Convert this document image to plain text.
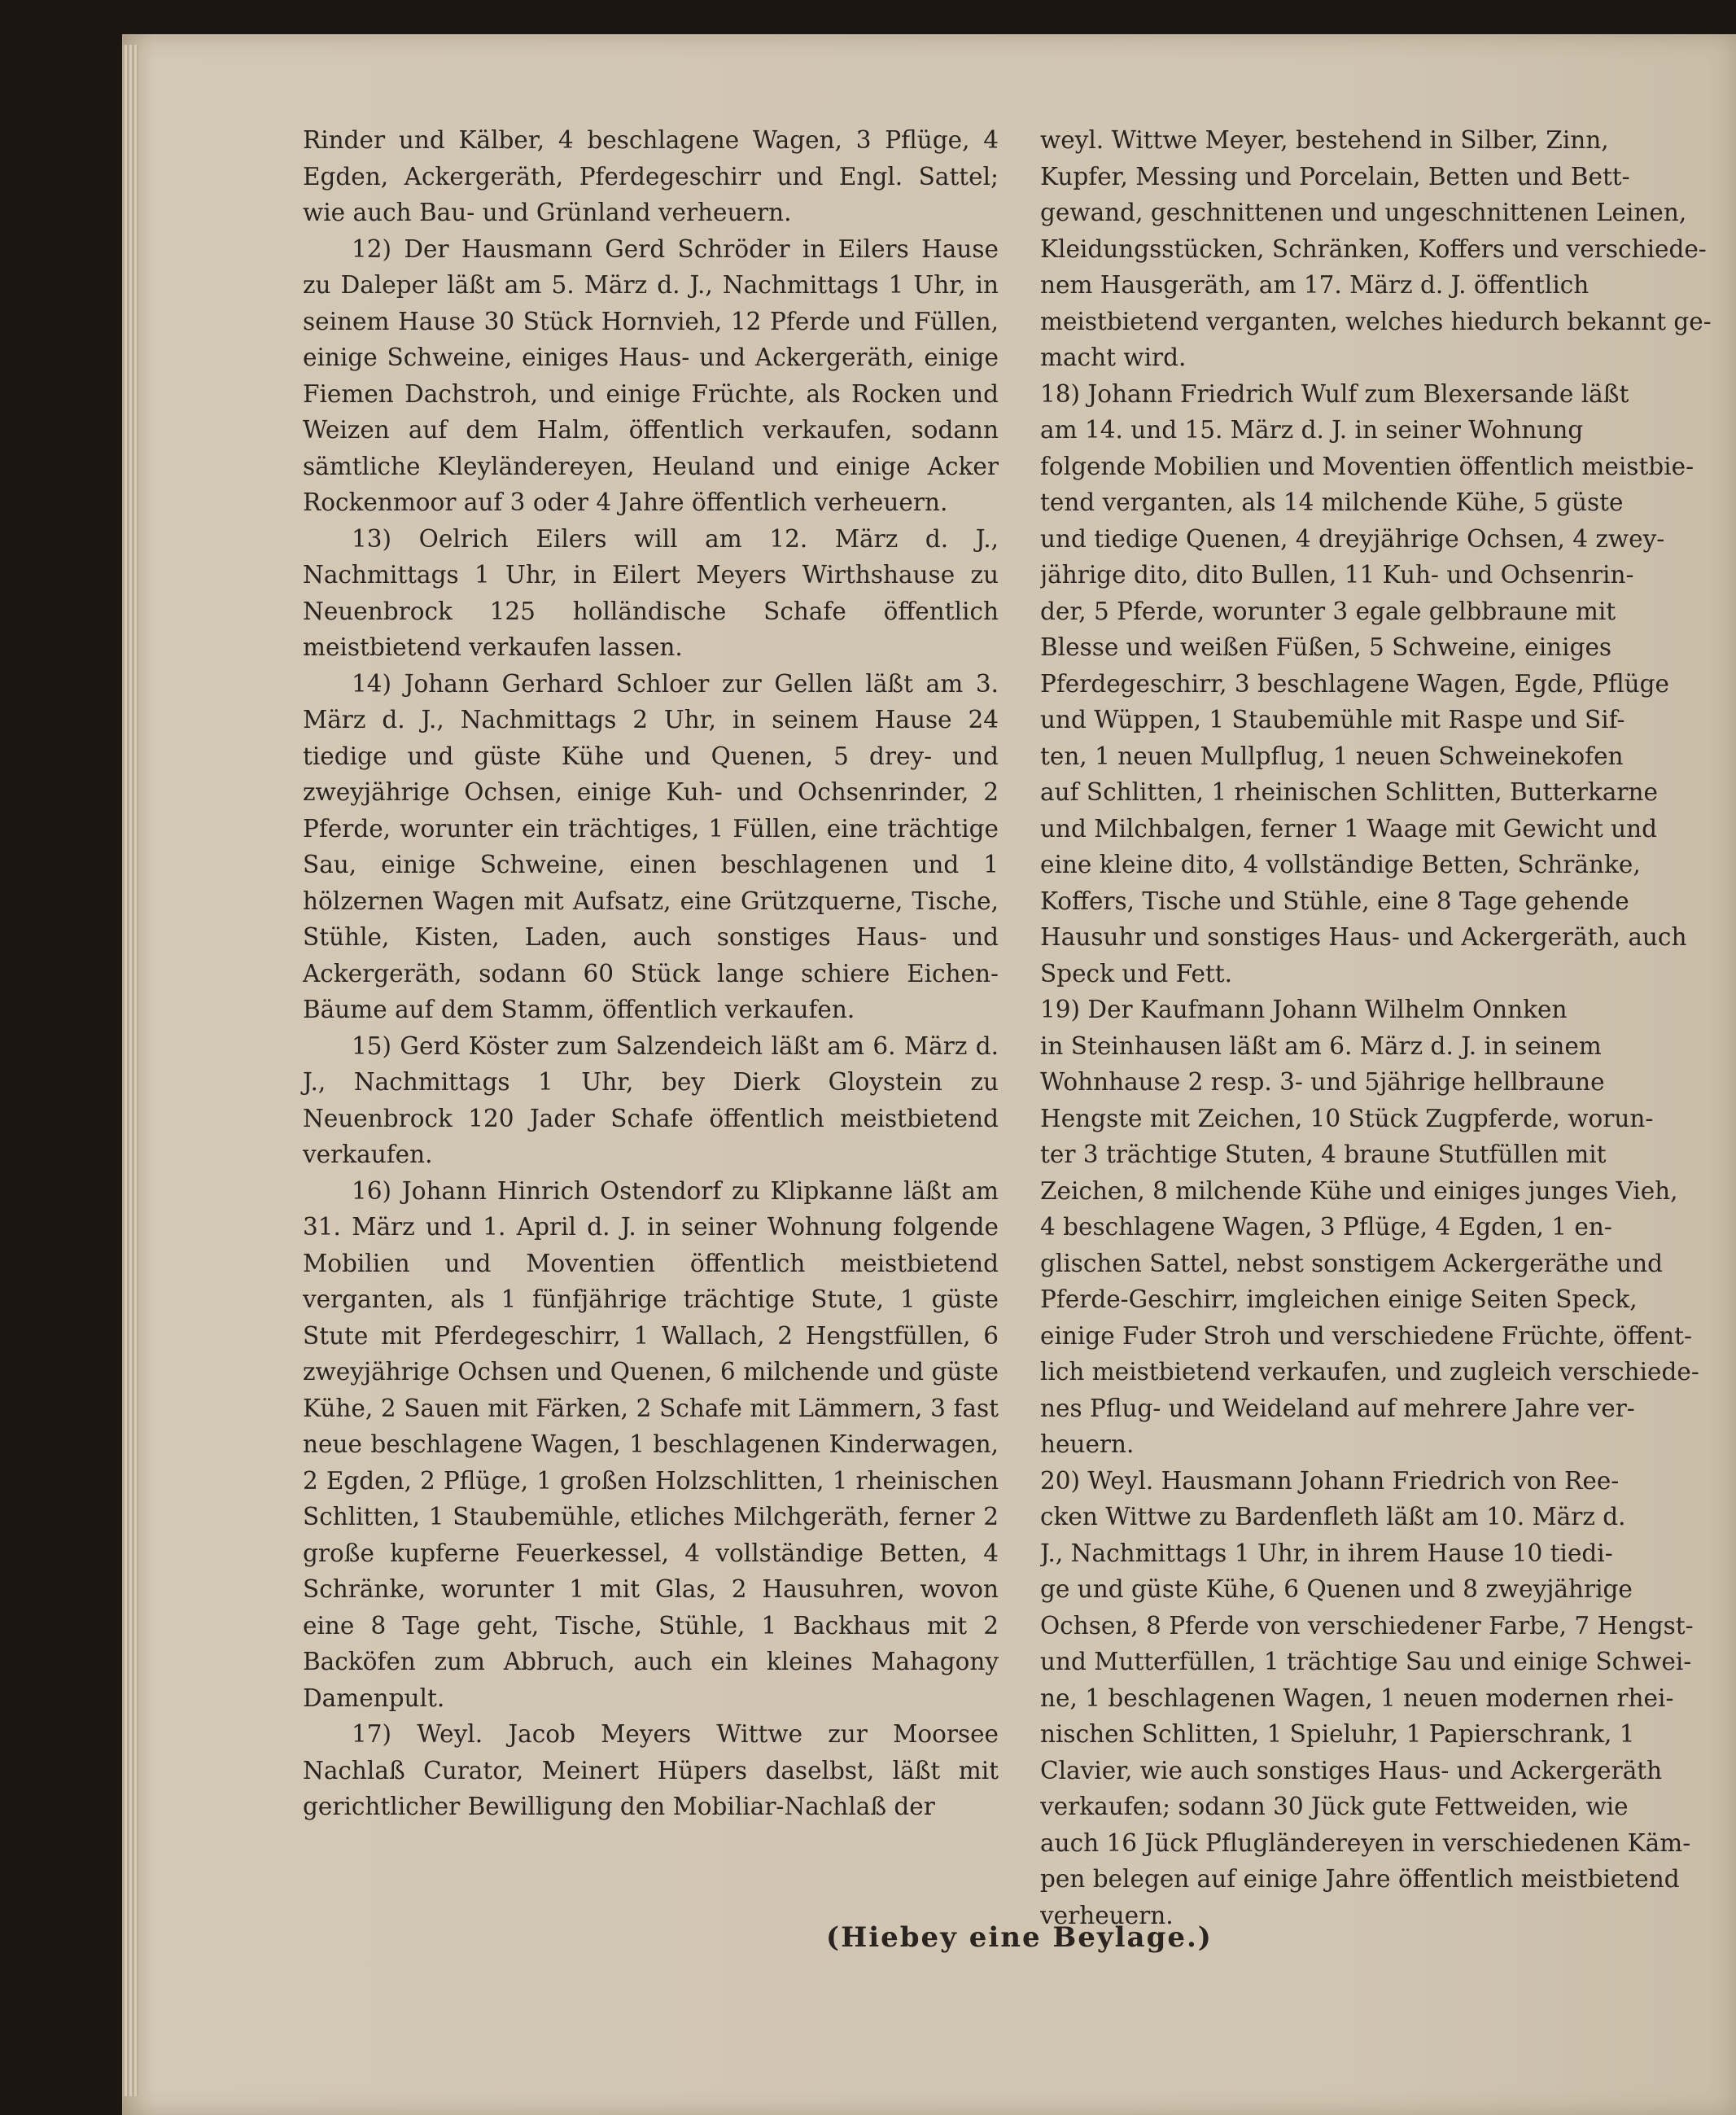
Rinder und Kälber, 4 beschlagene Wagen, 3 Pflüge, 4 Egden, Ackergeräth, Pferdegeschirr und Engl. Sattel; wie auch Bau- und Grünland verheuern.

12) Der Hausmann Gerd Schröder in Eilers Hause zu Daleper läßt am 5. März d. J., Nachmittags 1 Uhr, in seinem Hause 30 Stück Hornvieh, 12 Pferde und Füllen, einige Schweine, einiges Haus- und Ackergeräth, einige Fiemen Dachstroh, und einige Früchte, als Rocken und Weizen auf dem Halm, öffentlich verkaufen, sodann sämtliche Kleyländereyen, Heuland und einige Acker Rockenmoor auf 3 oder 4 Jahre öffentlich verheuern.

13) Oelrich Eilers will am 12. März d. J., Nachmittags 1 Uhr, in Eilert Meyers Wirthshause zu Neuenbrock 125 holländische Schafe öffentlich meistbietend verkaufen lassen.

14) Johann Gerhard Schloer zur Gellen läßt am 3. März d. J., Nachmittags 2 Uhr, in seinem Hause 24 tiedige und güste Kühe und Quenen, 5 drey- und zweyjährige Ochsen, einige Kuh- und Ochsenrinder, 2 Pferde, worunter ein trächtiges, 1 Füllen, eine trächtige Sau, einige Schweine, einen beschlagenen und 1 hölzernen Wagen mit Aufsatz, eine Grützquerne, Tische, Stühle, Kisten, Laden, auch sonstiges Haus- und Ackergeräth, sodann 60 Stück lange schiere Eichen-Bäume auf dem Stamm, öffentlich verkaufen.

15) Gerd Köster zum Salzendeich läßt am 6. März d. J., Nachmittags 1 Uhr, bey Dierk Gloystein zu Neuenbrock 120 Jader Schafe öffentlich meistbietend verkaufen.

16) Johann Hinrich Ostendorf zu Klipkanne läßt am 31. März und 1. April d. J. in seiner Wohnung folgende Mobilien und Moventien öffentlich meistbietend verganten, als 1 fünfjährige trächtige Stute, 1 güste Stute mit Pferdegeschirr, 1 Wallach, 2 Hengstfüllen, 6 zweyjährige Ochsen und Quenen, 6 milchende und güste Kühe, 2 Sauen mit Färken, 2 Schafe mit Lämmern, 3 fast neue beschlagene Wagen, 1 beschlagenen Kinderwagen, 2 Egden, 2 Pflüge, 1 großen Holzschlitten, 1 rheinischen Schlitten, 1 Staubemühle, etliches Milchgeräth, ferner 2 große kupferne Feuerkessel, 4 vollständige Betten, 4 Schränke, worunter 1 mit Glas, 2 Hausuhren, wovon eine 8 Tage geht, Tische, Stühle, 1 Backhaus mit 2 Backöfen zum Abbruch, auch ein kleines Mahagony Damenpult.

17) Weyl. Jacob Meyers Wittwe zur Moorsee Nachlaß Curator, Meinert Hüpers daselbst, läßt mit gerichtlicher Bewilligung den Mobiliar-Nachlaß der

weyl. Wittwe Meyer, bestehend in Silber, Zinn,

Kupfer, Messing und Porcelain, Betten und Bett-

gewand, geschnittenen und ungeschnittenen Leinen,

Kleidungsstücken, Schränken, Koffers und verschiede-

nem Hausgeräth, am 17. März d. J. öffentlich

meistbietend verganten, welches hiedurch bekannt ge-

macht wird.

18) Johann Friedrich Wulf zum Blexersande läßt

am 14. und 15. März d. J. in seiner Wohnung

folgende Mobilien und Moventien öffentlich meistbie-

tend verganten, als 14 milchende Kühe, 5 güste

und tiedige Quenen, 4 dreyjährige Ochsen, 4 zwey-

jährige dito, dito Bullen, 11 Kuh- und Ochsenrin-

der, 5 Pferde, worunter 3 egale gelbbraune mit

Blesse und weißen Füßen, 5 Schweine, einiges

Pferdegeschirr, 3 beschlagene Wagen, Egde, Pflüge

und Wüppen, 1 Staubemühle mit Raspe und Sif-

ten, 1 neuen Mullpflug, 1 neuen Schweinekofen

auf Schlitten, 1 rheinischen Schlitten, Butterkarne

und Milchbalgen, ferner 1 Waage mit Gewicht und

eine kleine dito, 4 vollständige Betten, Schränke,

Koffers, Tische und Stühle, eine 8 Tage gehende

Hausuhr und sonstiges Haus- und Ackergeräth, auch

Speck und Fett.

19) Der Kaufmann Johann Wilhelm Onnken

in Steinhausen läßt am 6. März d. J. in seinem

Wohnhause 2 resp. 3- und 5jährige hellbraune

Hengste mit Zeichen, 10 Stück Zugpferde, worun-

ter 3 trächtige Stuten, 4 braune Stutfüllen mit

Zeichen, 8 milchende Kühe und einiges junges Vieh,

4 beschlagene Wagen, 3 Pflüge, 4 Egden, 1 en-

glischen Sattel, nebst sonstigem Ackergeräthe und

Pferde-Geschirr, imgleichen einige Seiten Speck,

einige Fuder Stroh und verschiedene Früchte, öffent-

lich meistbietend verkaufen, und zugleich verschiede-

nes Pflug- und Weideland auf mehrere Jahre ver-

heuern.

20) Weyl. Hausmann Johann Friedrich von Ree-

cken Wittwe zu Bardenfleth läßt am 10. März d.

J., Nachmittags 1 Uhr, in ihrem Hause 10 tiedi-

ge und güste Kühe, 6 Quenen und 8 zweyjährige

Ochsen, 8 Pferde von verschiedener Farbe, 7 Hengst-

und Mutterfüllen, 1 trächtige Sau und einige Schwei-

ne, 1 beschlagenen Wagen, 1 neuen modernen rhei-

nischen Schlitten, 1 Spieluhr, 1 Papierschrank, 1

Clavier, wie auch sonstiges Haus- und Ackergeräth

verkaufen; sodann 30 Jück gute Fettweiden, wie

auch 16 Jück Pflugländereyen in verschiedenen Käm-

pen belegen auf einige Jahre öffentlich meistbietend

verheuern.

(Hiebey eine Beylage.)
